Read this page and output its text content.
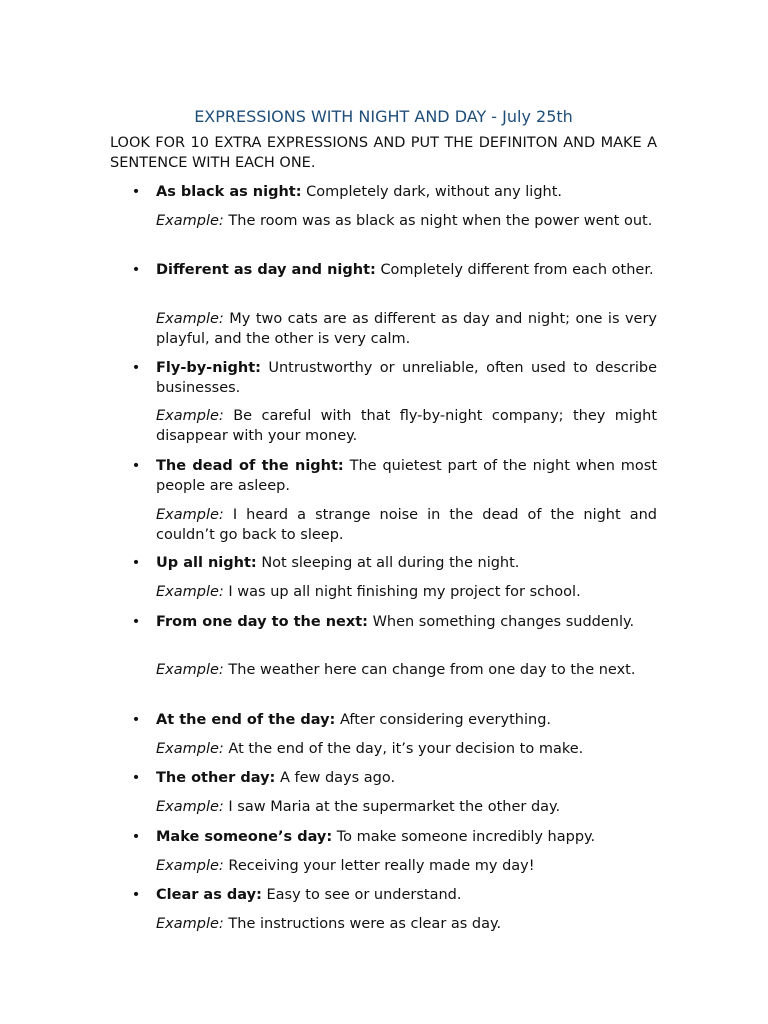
EXPRESSIONS WITH NIGHT AND DAY - July 25th
LOOK FOR 10 EXTRA EXPRESSIONS AND PUT THE DEFINITON AND MAKE A SENTENCE WITH EACH ONE.
• As black as night: Completely dark, without any light.
Example: The room was as black as night when the power went out.
• Different as day and night: Completely different from each other.
Example: My two cats are as different as day and night; one is very playful, and the other is very calm.
• Fly-by-night: Untrustworthy or unreliable, often used to describe businesses.
Example: Be careful with that fly-by-night company; they might disappear with your money.
• The dead of the night: The quietest part of the night when most people are asleep.
Example: I heard a strange noise in the dead of the night and couldn’t go back to sleep.
• Up all night: Not sleeping at all during the night.
Example: I was up all night finishing my project for school.
• From one day to the next: When something changes suddenly.
Example: The weather here can change from one day to the next.
• At the end of the day: After considering everything.
Example: At the end of the day, it’s your decision to make.
• The other day: A few days ago.
Example: I saw Maria at the supermarket the other day.
• Make someone’s day: To make someone incredibly happy.
Example: Receiving your letter really made my day!
• Clear as day: Easy to see or understand.
Example: The instructions were as clear as day.
